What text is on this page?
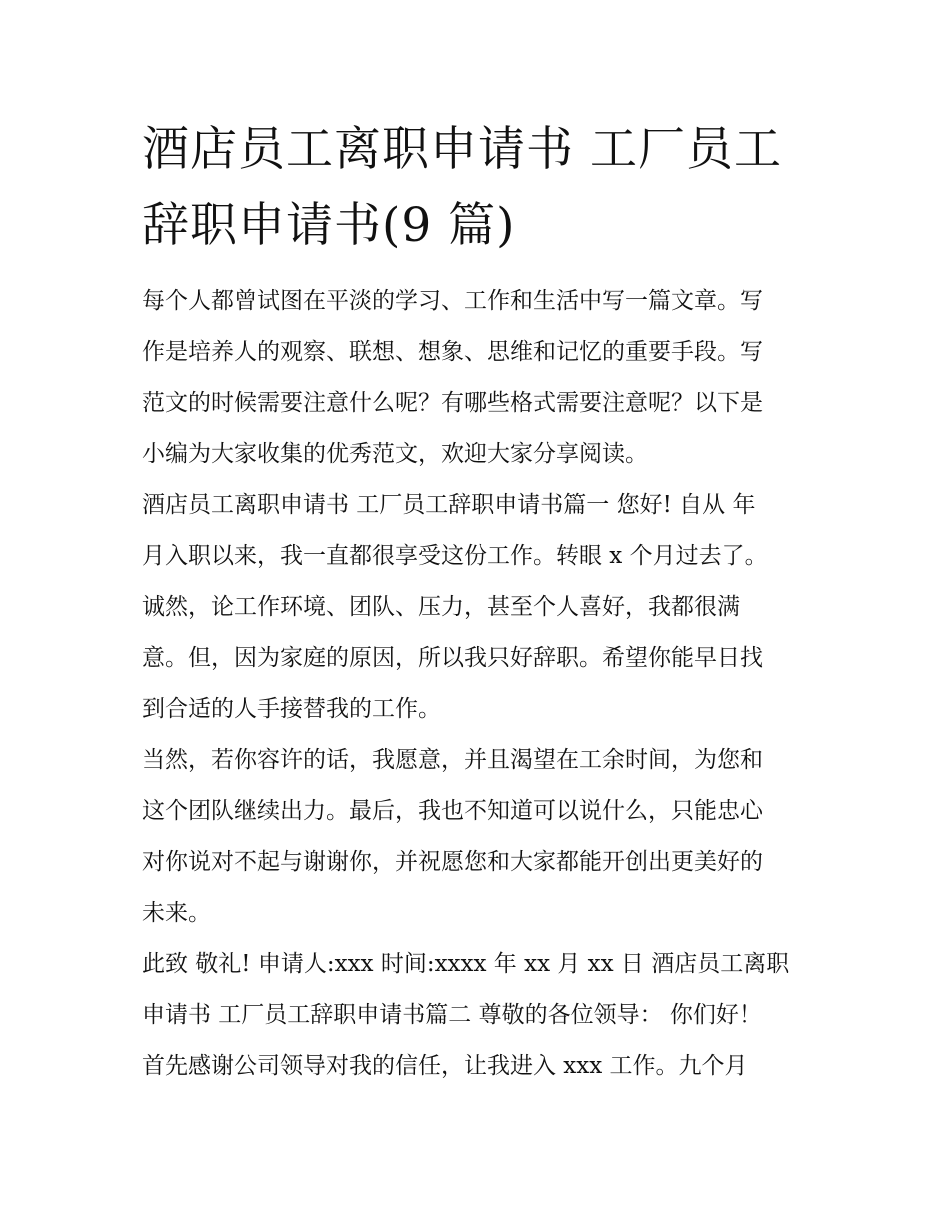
酒店员工离职申请书 工厂员工
辞职申请书(9 篇)

每个人都曾试图在平淡的学习、工作和生活中写一篇文章。写
作是培养人的观察、联想、想象、思维和记忆的重要手段。写
范文的时候需要注意什么呢？有哪些格式需要注意呢？以下是
小编为大家收集的优秀范文，欢迎大家分享阅读。

酒店员工离职申请书 工厂员工辞职申请书篇一 您好! 自从 年
月入职以来，我一直都很享受这份工作。转眼 x 个月过去了。
诚然，论工作环境、团队、压力，甚至个人喜好，我都很满
意。但，因为家庭的原因，所以我只好辞职。希望你能早日找
到合适的人手接替我的工作。

当然，若你容许的话，我愿意，并且渴望在工余时间，为您和
这个团队继续出力。最后，我也不知道可以说什么，只能忠心
对你说对不起与谢谢你，并祝愿您和大家都能开创出更美好的
未来。

此致 敬礼! 申请人:xxx 时间:xxxx 年 xx 月 xx 日 酒店员工离职
申请书 工厂员工辞职申请书篇二 尊敬的各位领导： 你们好！
首先感谢公司领导对我的信任，让我进入 xxx 工作。九个月
